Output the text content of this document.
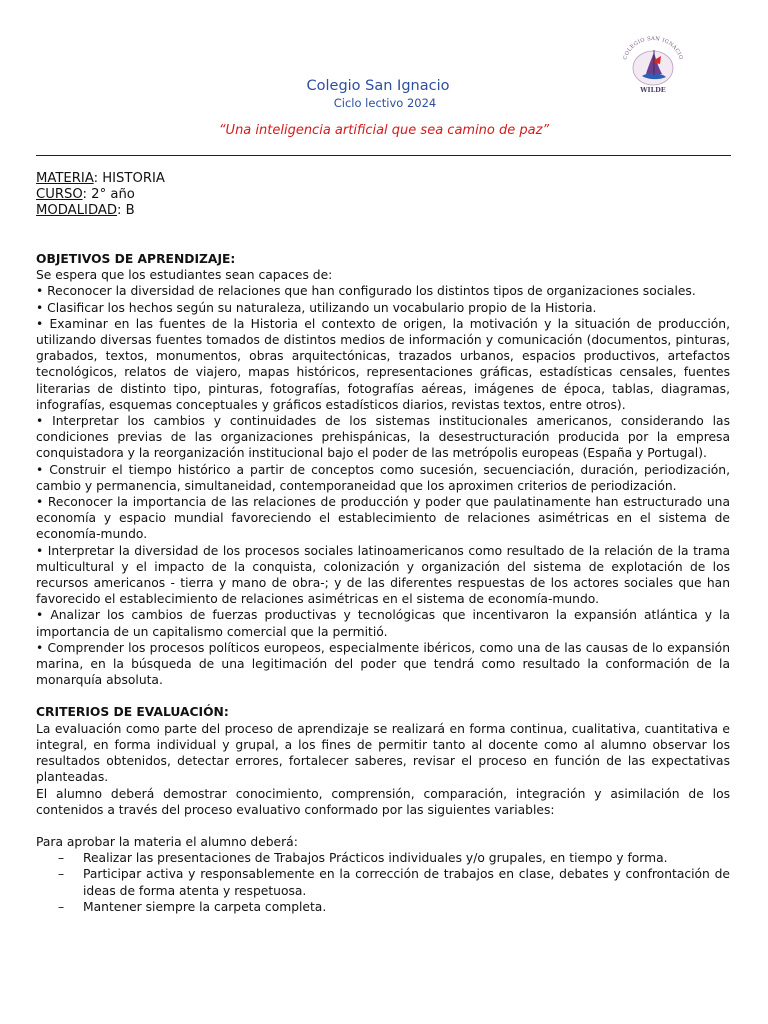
Colegio San Ignacio
Ciclo lectivo 2024
“Una inteligencia artificial que sea camino de paz”
COLEGIO SAN IGNACIO
WILDE
MATERIA: HISTORIA
CURSO: 2° año
MODALIDAD: B
OBJETIVOS DE APRENDIZAJE:
Se espera que los estudiantes sean capaces de:
• Reconocer la diversidad de relaciones que han configurado los distintos tipos de organizaciones sociales.
• Clasificar los hechos según su naturaleza, utilizando un vocabulario propio de la Historia.
• Examinar en las fuentes de la Historia el contexto de origen, la motivación y la situación de producción, utilizando diversas fuentes tomados de distintos medios de información y comunicación (documentos, pinturas, grabados, textos, monumentos, obras arquitectónicas, trazados urbanos, espacios productivos, artefactos tecnológicos, relatos de viajero, mapas históricos, representaciones gráficas, estadísticas censales, fuentes literarias de distinto tipo, pinturas, fotografías, fotografías aéreas, imágenes de época, tablas, diagramas, infografías, esquemas conceptuales y gráficos estadísticos diarios, revistas textos, entre otros).
• Interpretar los cambios y continuidades de los sistemas institucionales americanos, considerando las condiciones previas de las organizaciones prehispánicas, la desestructuración producida por la empresa conquistadora y la reorganización institucional bajo el poder de las metrópolis europeas (España y Portugal).
• Construir el tiempo histórico a partir de conceptos como sucesión, secuenciación, duración, periodización, cambio y permanencia, simultaneidad, contemporaneidad que los aproximen criterios de periodización.
• Reconocer la importancia de las relaciones de producción y poder que paulatinamente han estructurado una economía y espacio mundial favoreciendo el establecimiento de relaciones asimétricas en el sistema de economía-mundo.
• Interpretar la diversidad de los procesos sociales latinoamericanos como resultado de la relación de la trama multicultural y el impacto de la conquista, colonización y organización del sistema de explotación de los recursos americanos - tierra y mano de obra-; y de las diferentes respuestas de los actores sociales que han favorecido el establecimiento de relaciones asimétricas en el sistema de economía-mundo.
• Analizar los cambios de fuerzas productivas y tecnológicas que incentivaron la expansión atlántica y la importancia de un capitalismo comercial que la permitió.
• Comprender los procesos políticos europeos, especialmente ibéricos, como una de las causas de lo expansión marina, en la búsqueda de una legitimación del poder que tendrá como resultado la conformación de la monarquía absoluta.
CRITERIOS DE EVALUACIÓN:
La evaluación como parte del proceso de aprendizaje se realizará en forma continua, cualitativa, cuantitativa e integral, en forma individual y grupal, a los fines de permitir tanto al docente como al alumno observar los resultados obtenidos, detectar errores, fortalecer saberes, revisar el proceso en función de las expectativas planteadas.
El alumno deberá demostrar conocimiento, comprensión, comparación, integración y asimilación de los contenidos a través del proceso evaluativo conformado por las siguientes variables:
Para aprobar la materia el alumno deberá:
– Realizar las presentaciones de Trabajos Prácticos individuales y/o grupales, en tiempo y forma.
– Participar activa y responsablemente en la corrección de trabajos en clase, debates y confrontación de ideas de forma atenta y respetuosa.
– Mantener siempre la carpeta completa.
